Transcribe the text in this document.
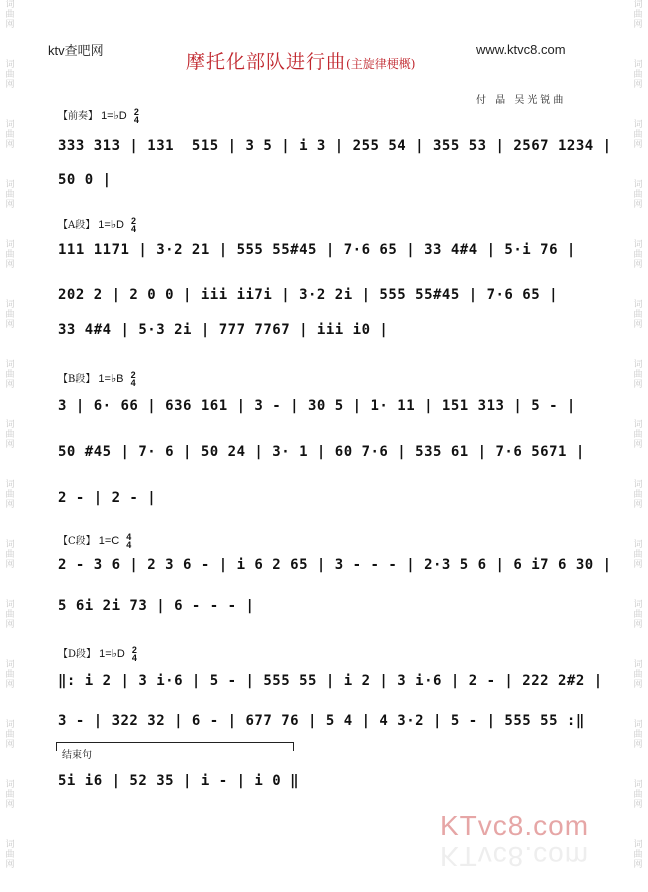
词
曲
网
词
曲
网
词
曲
网
词
曲
网
词
曲
网
词
曲
网
词
曲
网
词
曲
网
词
曲
网
词
曲
网
词
曲
网
词
曲
网
词
曲
网
词
曲
网
词
曲
网
词
曲
网
词
曲
网
词
曲
网
词
曲
网
词
曲
网
词
曲
网
词
曲
网
词
曲
网
词
曲
网
词
曲
网
词
曲
网
词
曲
网
词
曲
网
词
曲
网
词
曲
网
ktv查吧网
摩托化部队进行曲(主旋律梗概)
www.ktvc8.com
付 晶 吴光锐曲
【前奏】 1=♭D 2
4
333 313 | 131  515 | 3 5 | i 3 | 255 54 | 355 53 | 2567 1234 |
50 0 |
【A段】 1=♭D 2
4
111 1171 | 3·2 21 | 555 55#45 | 7·6 65 | 33 4#4 | 5·i 76 |
202 2 | 2 0 0 | iii ii7i | 3·2 2i | 555 55#45 | 7·6 65 |
33 4#4 | 5·3 2i | 777 7767 | iii i0 |
【B段】 1=♭B 2
4
3 | 6· 66 | 636 161 | 3 - | 30 5 | 1· 11 | 151 313 | 5 - |
50 #45 | 7· 6 | 50 24 | 3· 1 | 60 7·6 | 535 61 | 7·6 5671 |
2 - | 2 - |
【C段】 1=C 4
4
2 - 3 6 | 2 3 6 - | i 6 2 65 | 3 - - - | 2·3 5 6 | 6 i7 6 30 |
5 6i 2i 73 | 6 - - - |
【D段】 1=♭D 2
4
‖: i 2 | 3 i·6 | 5 - | 555 55 | i 2 | 3 i·6 | 2 - | 222 2#2 |
3 - | 322 32 | 6 - | 677 76 | 5 4 | 4 3·2 | 5 - | 555 55 :‖
结束句
5i i6 | 52 35 | i - | i 0 ‖
KTvc8.com
KTvc8.com
